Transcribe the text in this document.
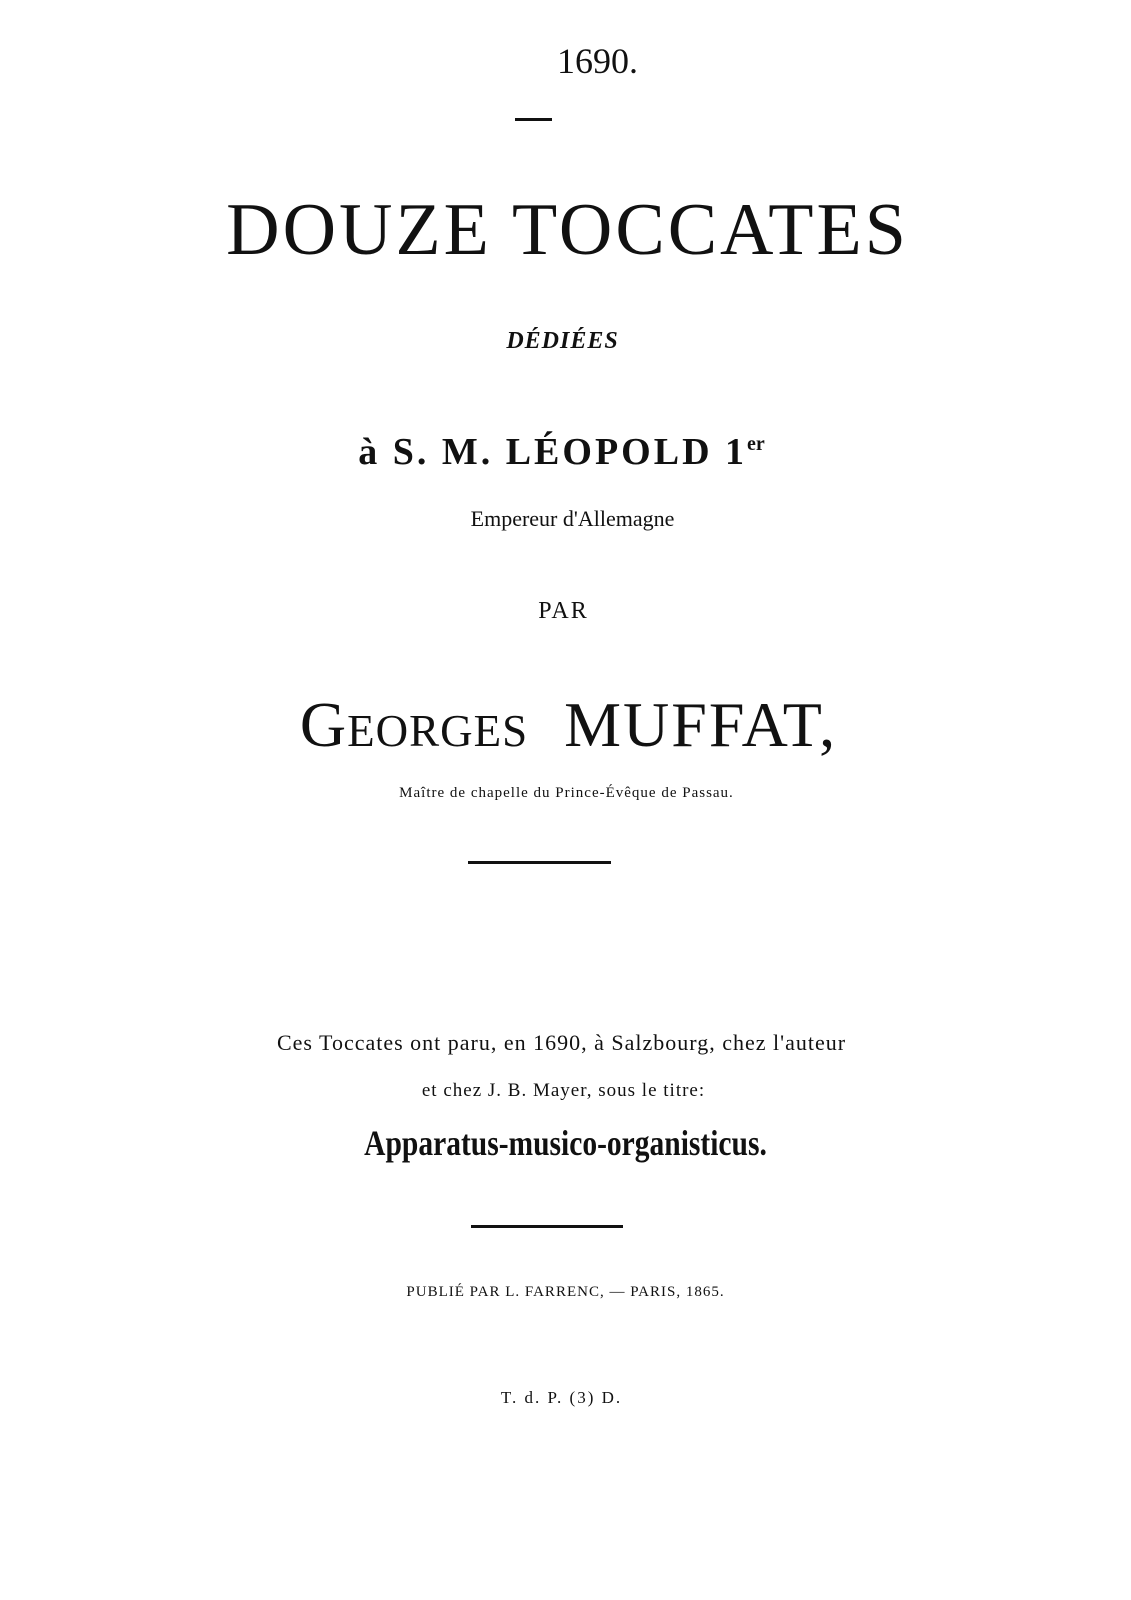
1690.
DOUZE TOCCATES
DÉDIÉES
à S. M. LÉOPOLD 1er
Empereur d'Allemagne
PAR
Georges MUFFAT,
Maître de chapelle du Prince-Évêque de Passau.
Ces Toccates ont paru, en 1690, à Salzbourg, chez l'auteur
et chez J. B. Mayer, sous le titre:
Apparatus-musico-organisticus.
PUBLIÉ PAR L. FARRENC, — PARIS, 1865.
T. d. P. (3) D.
